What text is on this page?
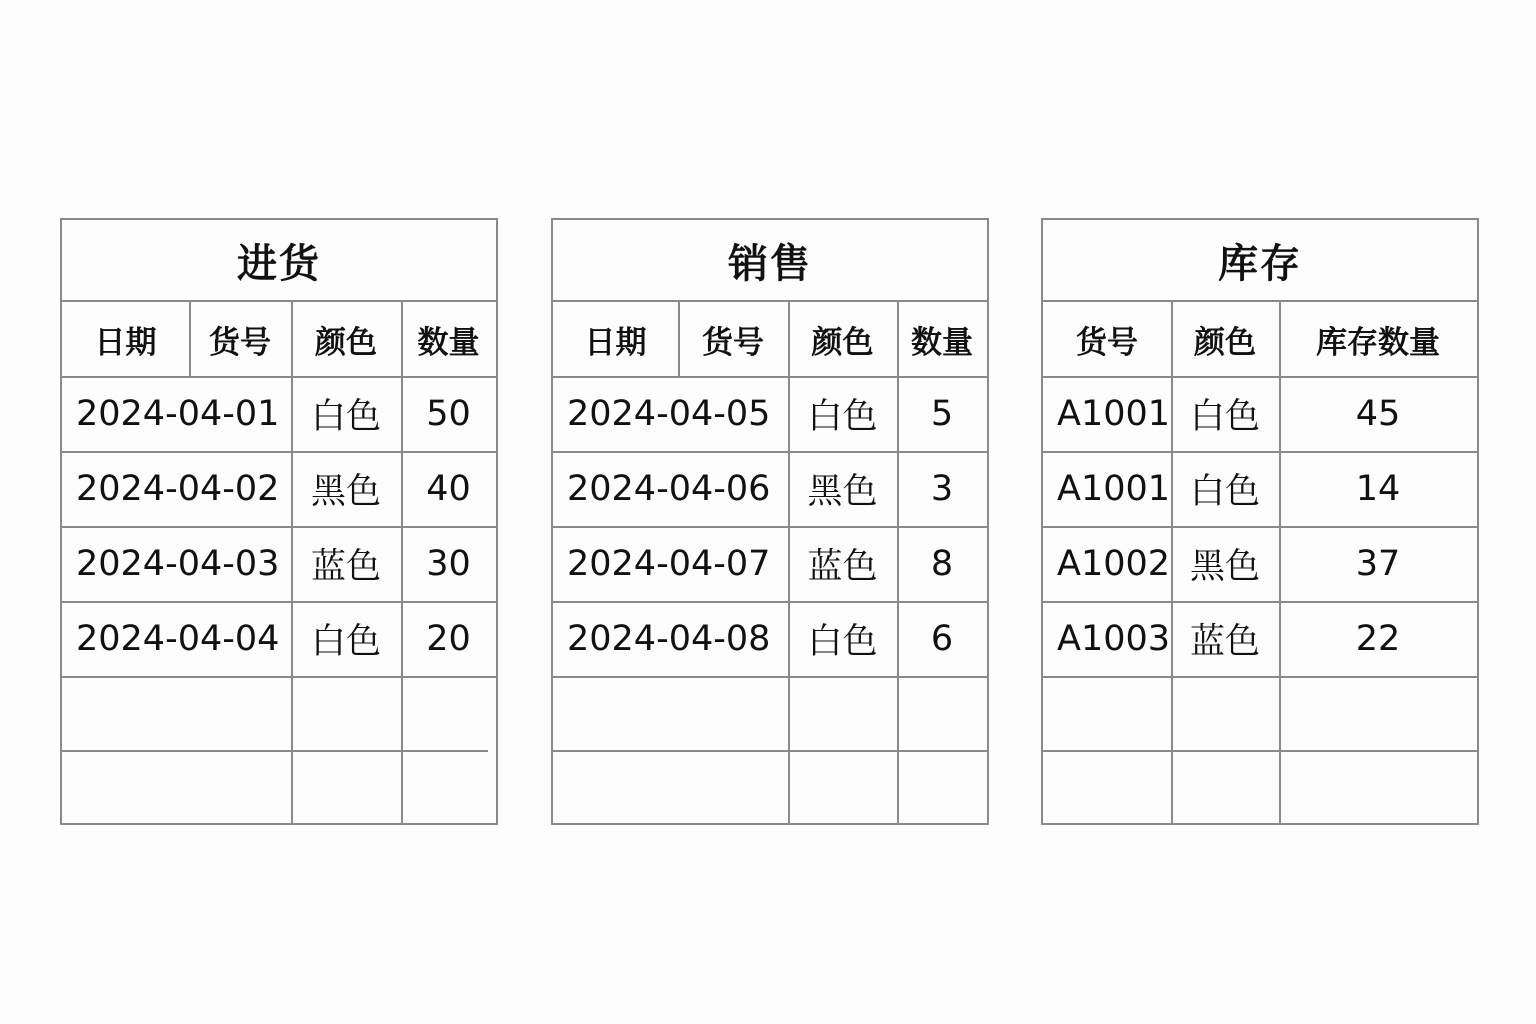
进货
日期	货号	颜色	数量
2024-04-01 白色	50
2024-04-02 黑色	40
2024-04-03 蓝色	30
2024-04-04 白色	20
销售
日期	货号	颜色	数量
2024-04-05	白色	5
2024-04-06	黑色	3
2024-04-07	蓝色	8
2024-04-08	白色	6
库存
货号	颜色	库存数量
A1001 白色	45
A1001 白色	14
A1002 黑色	37
A1003 蓝色	22
